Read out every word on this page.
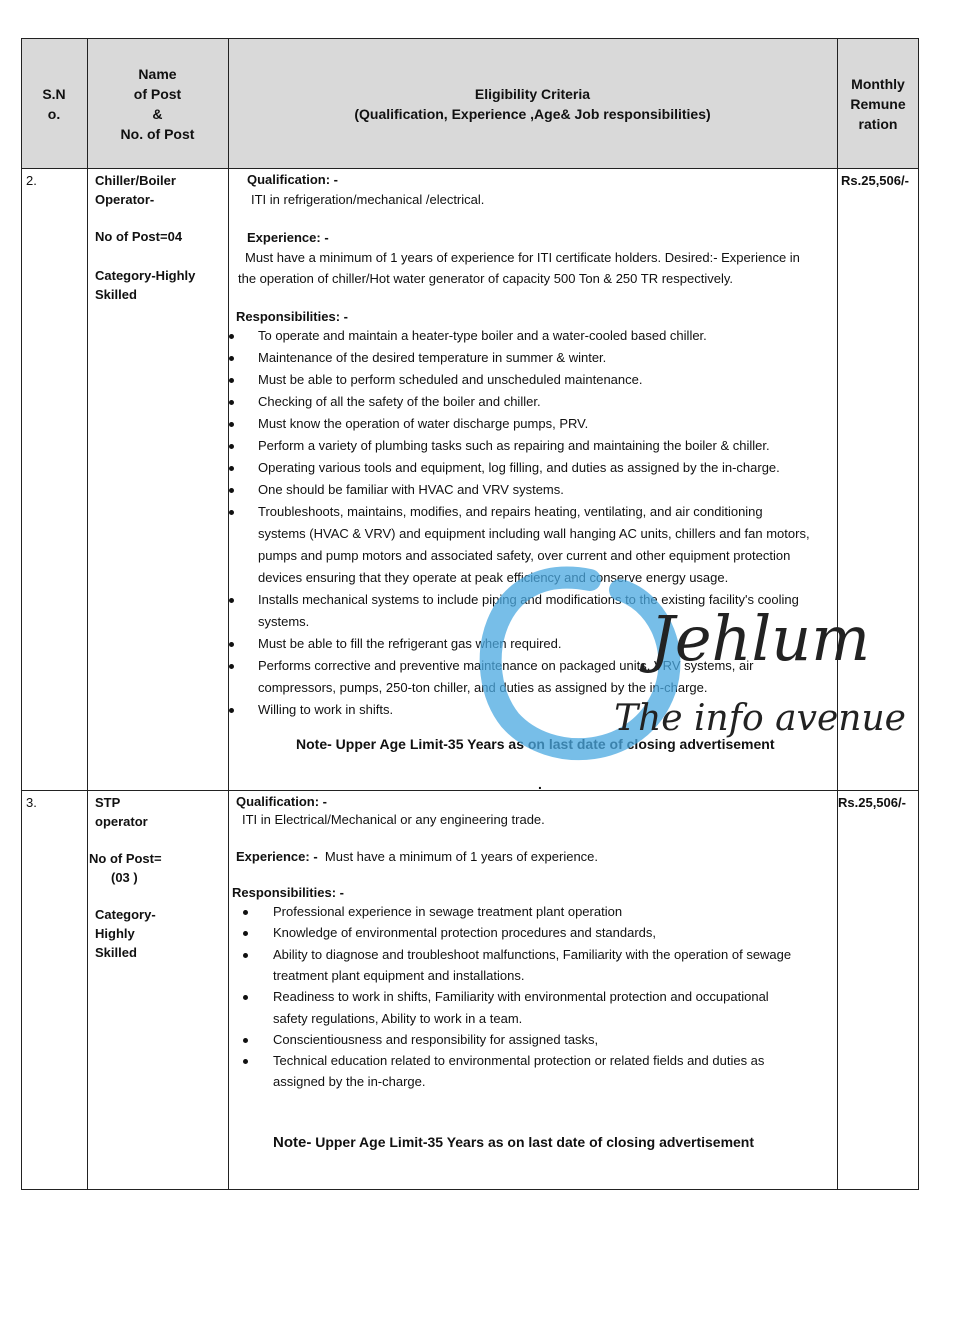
S.N
o.
Name
of Post
&
No. of Post
Eligibility Criteria
(Qualification, Experience ,Age& Job responsibilities)
Monthly
Remune
ration
2.	Chiller/Boiler
Operator-
No of Post=04
Category-Highly
Skilled
Qualification: -
ITI in refrigeration/mechanical /electrical.
Experience: -
Must have a minimum of 1 years of experience for ITI certificate holders. Desired:- Experience in
the operation of chiller/Hot water generator of capacity 500 Ton & 250 TR respectively.
Responsibilities: -
To operate and maintain a heater-type boiler and a water-cooled based chiller.
Maintenance of the desired temperature in summer & winter.
Must be able to perform scheduled and unscheduled maintenance.
Checking of all the safety of the boiler and chiller.
Must know the operation of water discharge pumps, PRV.
Perform a variety of plumbing tasks such as repairing and maintaining the boiler & chiller.
Operating various tools and equipment, log filling, and duties as assigned by the in-charge.
One should be familiar with HVAC and VRV systems.
Troubleshoots, maintains, modifies, and repairs heating, ventilating, and air conditioning
systems (HVAC & VRV) and equipment including wall hanging AC units, chillers and fan motors,
pumps and pump motors and associated safety, over current and other equipment protection
devices ensuring that they operate at peak efficiency and conserve energy usage.
Installs mechanical systems to include piping and modifications to the existing facility's cooling
systems.
Must be able to fill the refrigerant gas when required.
Performs corrective and preventive maintenance on packaged units, VRV systems, air
compressors, pumps, 250-ton chiller, and duties as assigned by the in-charge.
Willing to work in shifts.
Note- Upper Age Limit-35 Years as on last date of closing advertisement
Rs.25,506/-
3.	STP
operator
No of Post=
(03 )
Category-
Highly
Skilled
Qualification: -
ITI in Electrical/Mechanical or any engineering trade.
Experience: - Must have a minimum of 1 years of experience.
Responsibilities: -
Professional experience in sewage treatment plant operation
Knowledge of environmental protection procedures and standards,
Ability to diagnose and troubleshoot malfunctions, Familiarity with the operation of sewage
treatment plant equipment and installations.
Readiness to work in shifts, Familiarity with environmental protection and occupational
safety regulations, Ability to work in a team.
Conscientiousness and responsibility for assigned tasks,
Technical education related to environmental protection or related fields and duties as
assigned by the in-charge.
Note- Upper Age Limit-35 Years as on last date of closing advertisement
Rs.25,506/-
.
Jehlum
The info avenue
